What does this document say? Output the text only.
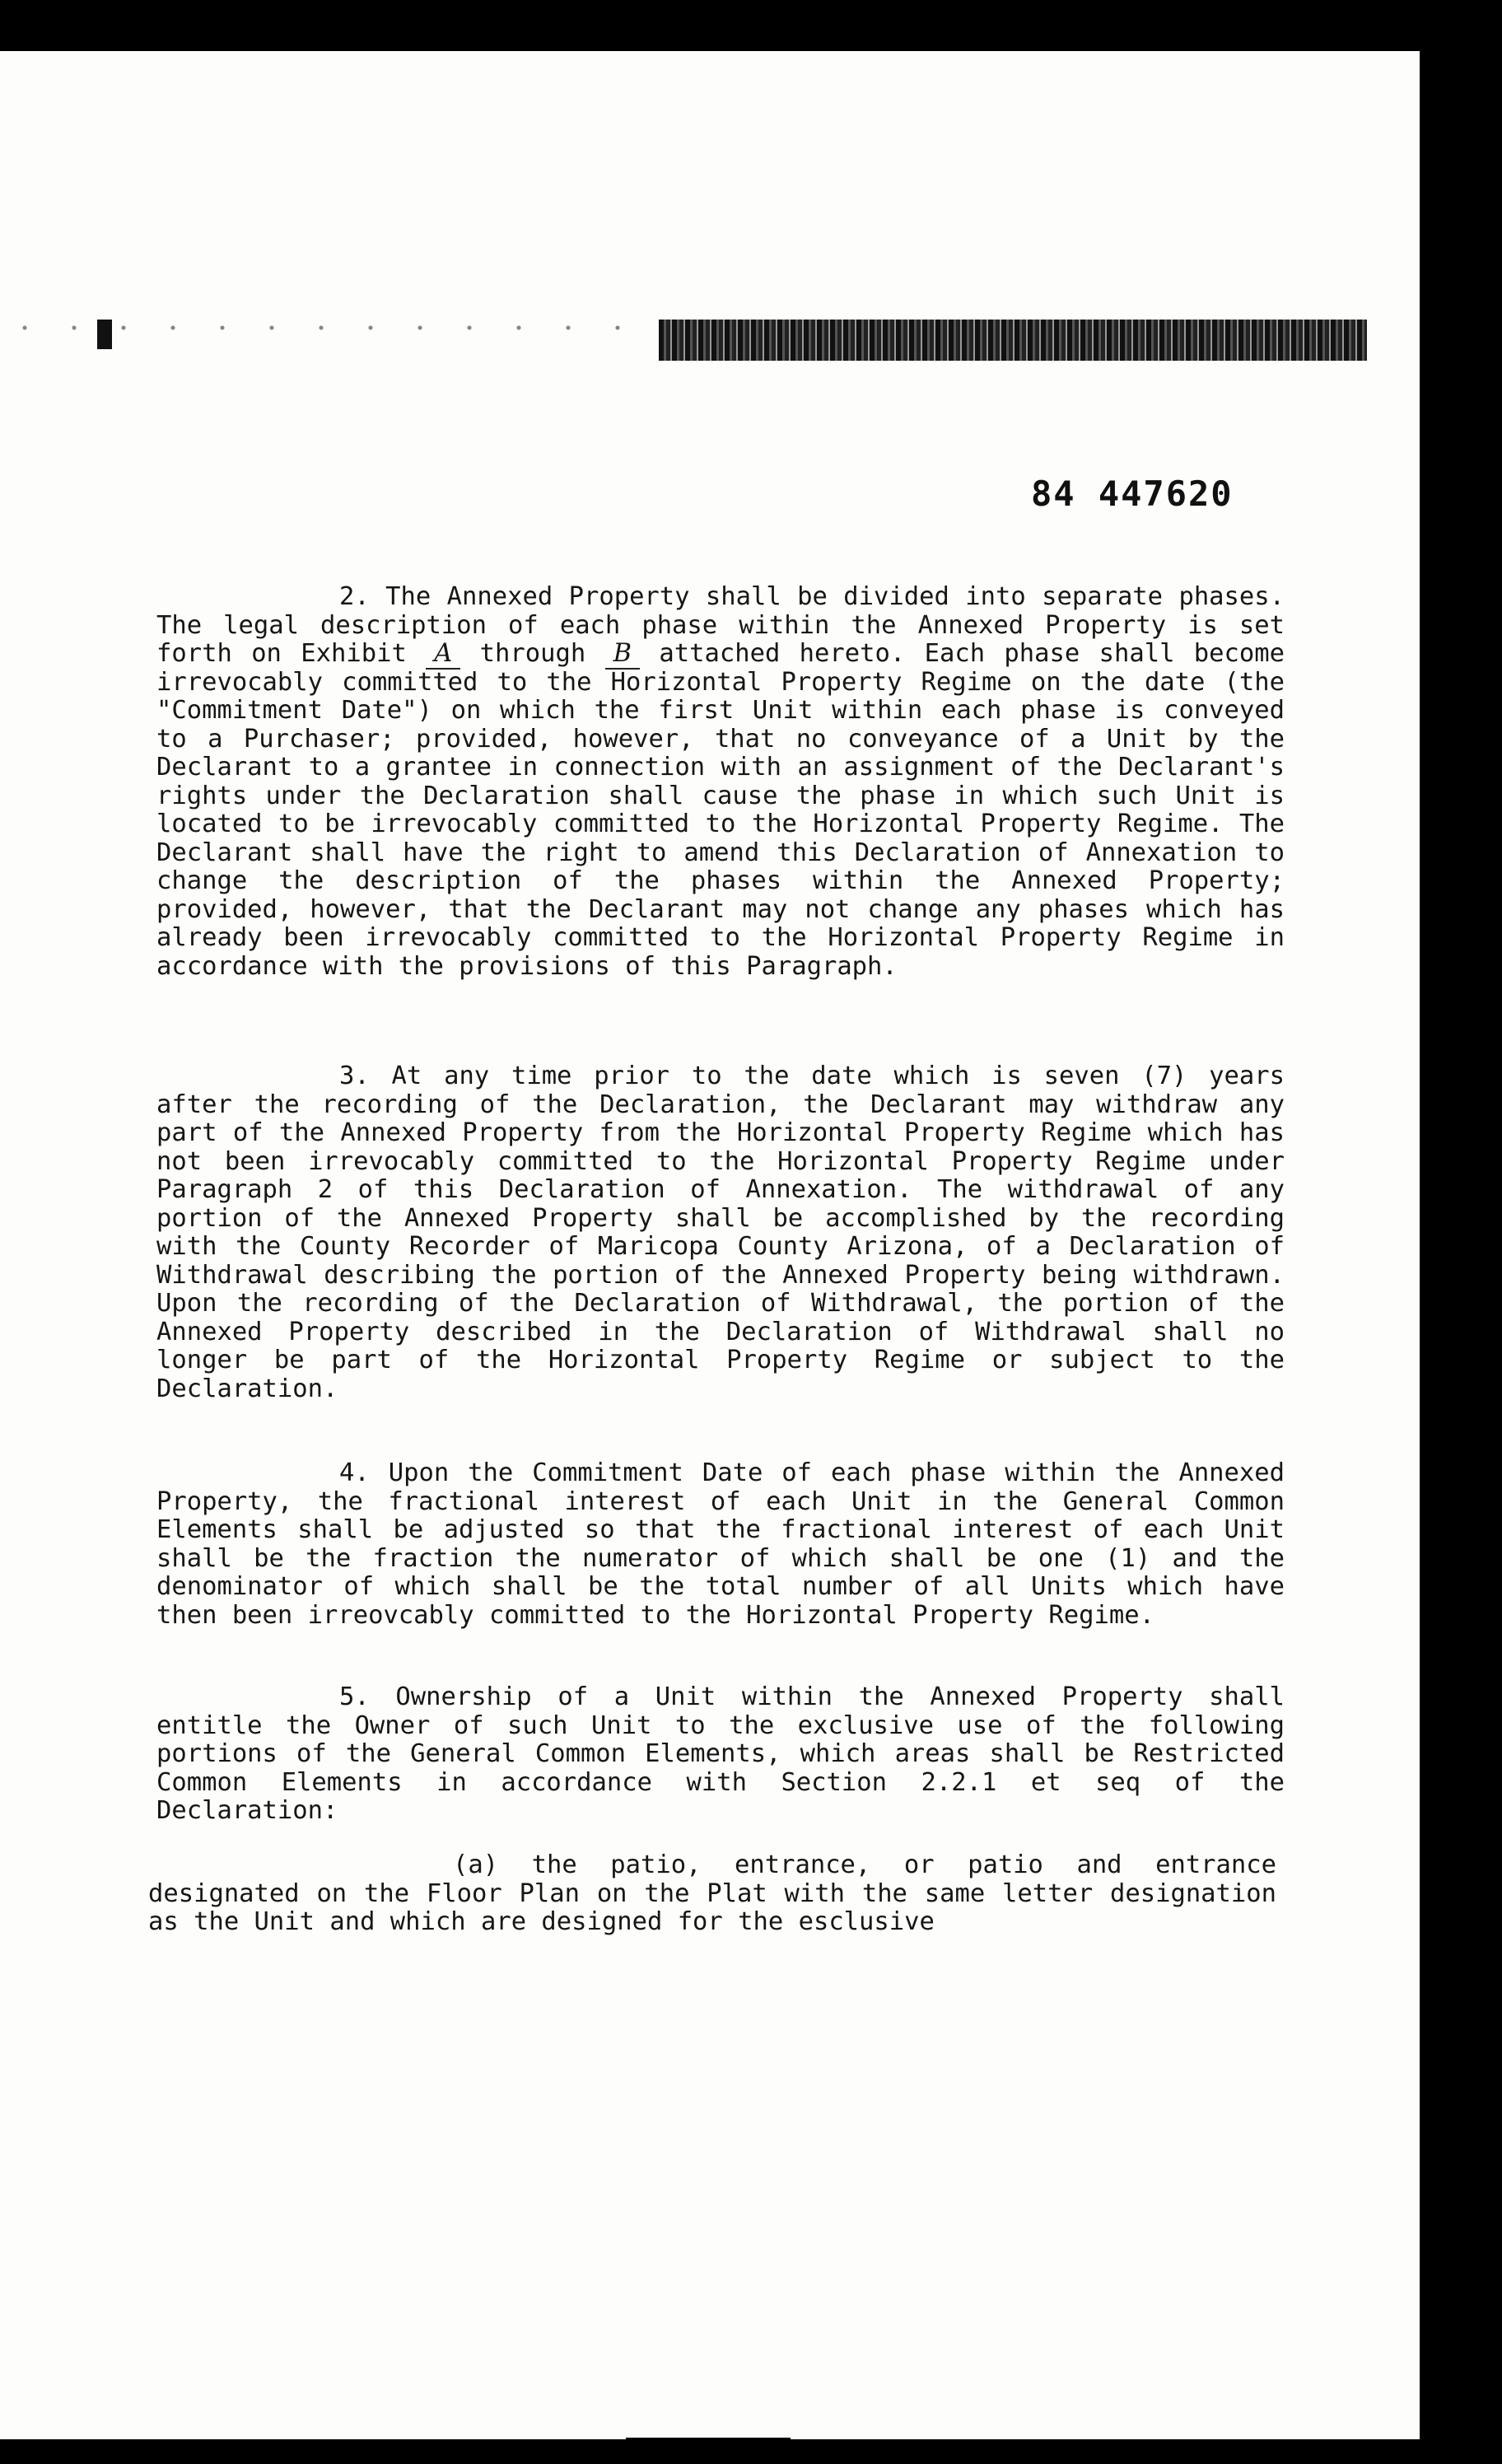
84 447620
2. The Annexed Property shall be divided into separate phases. The legal description of each phase within the Annexed Property is set forth on Exhibit A through B attached hereto. Each phase shall become irrevocably committed to the Horizontal Property Regime on the date (the "Commitment Date") on which the first Unit within each phase is conveyed to a Purchaser; provided, however, that no conveyance of a Unit by the Declarant to a grantee in connection with an assignment of the Declarant's rights under the Declaration shall cause the phase in which such Unit is located to be irrevocably committed to the Horizontal Property Regime. The Declarant shall have the right to amend this Declaration of Annexation to change the description of the phases within the Annexed Property; provided, however, that the Declarant may not change any phases which has already been irrevocably committed to the Horizontal Property Regime in accordance with the provisions of this Paragraph.
3. At any time prior to the date which is seven (7) years after the recording of the Declaration, the Declarant may withdraw any part of the Annexed Property from the Horizontal Property Regime which has not been irrevocably committed to the Horizontal Property Regime under Paragraph 2 of this Declaration of Annexation. The withdrawal of any portion of the Annexed Property shall be accomplished by the recording with the County Recorder of Maricopa County Arizona, of a Declaration of Withdrawal describing the portion of the Annexed Property being withdrawn. Upon the recording of the Declaration of Withdrawal, the portion of the Annexed Property described in the Declaration of Withdrawal shall no longer be part of the Horizontal Property Regime or subject to the Declaration.
4. Upon the Commitment Date of each phase within the Annexed Property, the fractional interest of each Unit in the General Common Elements shall be adjusted so that the fractional interest of each Unit shall be the fraction the numerator of which shall be one (1) and the denominator of which shall be the total number of all Units which have then been irreovcably committed to the Horizontal Property Regime.
5. Ownership of a Unit within the Annexed Property shall entitle the Owner of such Unit to the exclusive use of the following portions of the General Common Elements, which areas shall be Restricted Common Elements in accordance with Section 2.2.1 et seq of the Declaration:
(a) the patio, entrance, or patio and entrance designated on the Floor Plan on the Plat with the same letter designation as the Unit and which are designed for the esclusive
